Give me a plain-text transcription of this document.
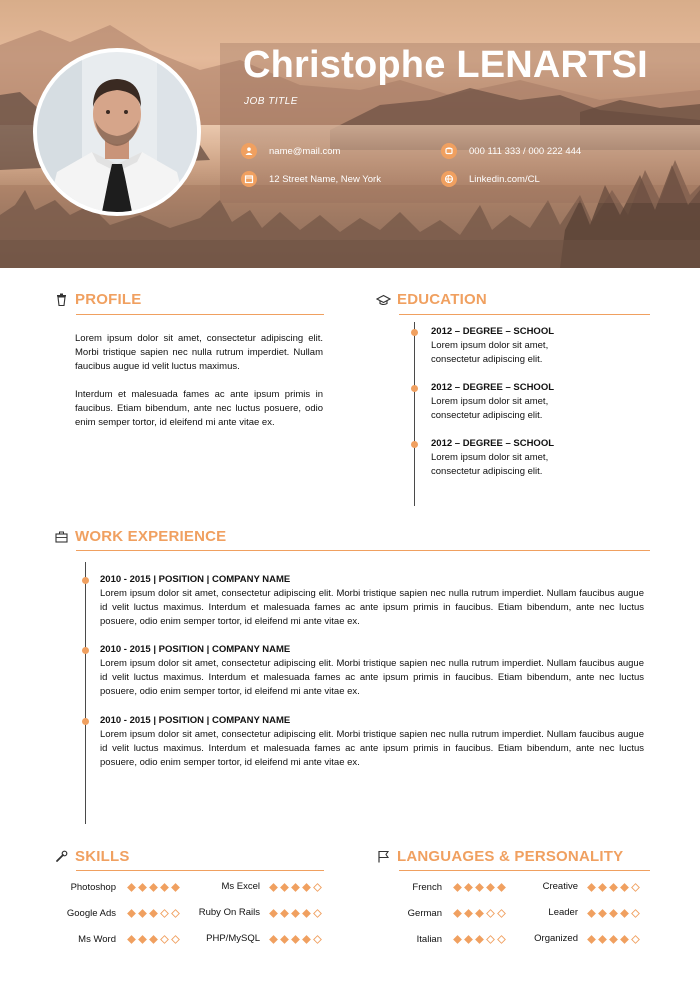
Christophe LENARTSI
JOB TITLE
name@mail.com
12 Street Name, New York
000 111 333 / 000 222 444
Linkedin.com/CL
PROFILE

Lorem ipsum dolor sit amet, consectetur adipiscing elit. Morbi tristique sapien nec nulla rutrum imperdiet. Nullam faucibus augue id velit luctus maximus.

Interdum et malesuada fames ac ante ipsum primis in faucibus. Etiam bibendum, ante nec luctus posuere, odio enim semper tortor, id eleifend mi ante vitae ex.

EDUCATION
2012 – DEGREE – SCHOOL
Lorem ipsum dolor sit amet, consectetur adipiscing elit.
2012 – DEGREE – SCHOOL
Lorem ipsum dolor sit amet, consectetur adipiscing elit.
2012 – DEGREE – SCHOOL
Lorem ipsum dolor sit amet, consectetur adipiscing elit.
WORK EXPERIENCE
2010 - 2015 | POSITION | COMPANY NAME
Lorem ipsum dolor sit amet, consectetur adipiscing elit. Morbi tristique sapien nec nulla rutrum imperdiet. Nullam faucibus augue id velit luctus maximus. Interdum et malesuada fames ac ante ipsum primis in faucibus. Etiam bibendum, ante nec luctus posuere, odio enim semper tortor, id eleifend mi ante vitae ex.
2010 - 2015 | POSITION | COMPANY NAME
Lorem ipsum dolor sit amet, consectetur adipiscing elit. Morbi tristique sapien nec nulla rutrum imperdiet. Nullam faucibus augue id velit luctus maximus. Interdum et malesuada fames ac ante ipsum primis in faucibus. Etiam bibendum, ante nec luctus posuere, odio enim semper tortor, id eleifend mi ante vitae ex.
2010 - 2015 | POSITION | COMPANY NAME
Lorem ipsum dolor sit amet, consectetur adipiscing elit. Morbi tristique sapien nec nulla rutrum imperdiet. Nullam faucibus augue id velit luctus maximus. Interdum et malesuada fames ac ante ipsum primis in faucibus. Etiam bibendum, ante nec luctus posuere, odio enim semper tortor, id eleifend mi ante vitae ex.
SKILLS
Photoshop	Ms Excel
Google Ads	Ruby On Rails
Ms Word	PHP/MySQL
LANGUAGES & PERSONALITY
French	Creative
German	Leader
Italian	Organized
